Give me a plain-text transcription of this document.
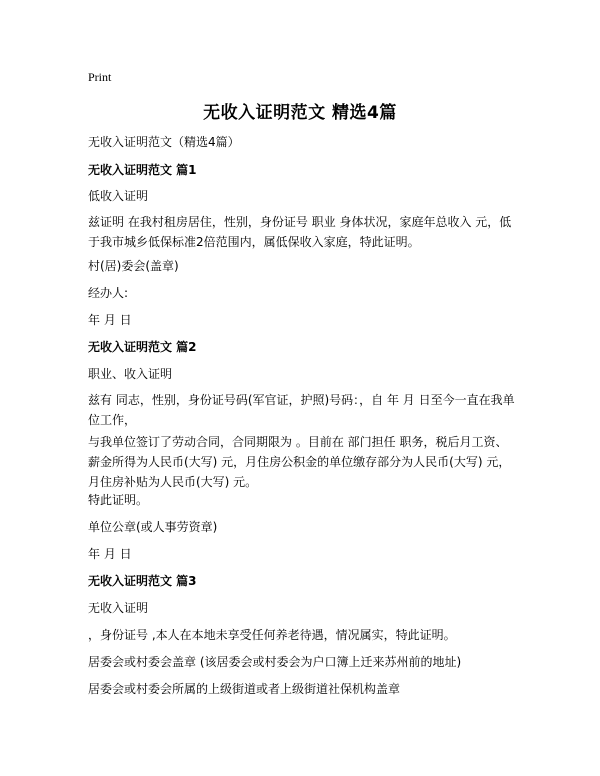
Print
无收入证明范文 精选4篇
无收入证明范文（精选4篇）
无收入证明范文 篇1
低收入证明
兹证明 在我村租房居住，性别，身份证号 职业 身体状况，家庭年总收入 元，低于我市城乡低保标准2倍范围内，属低保收入家庭，特此证明。
村(居)委会(盖章)
经办人:
年 月 日
无收入证明范文 篇2
职业、收入证明
兹有 同志，性别，身份证号码(军官证，护照)号码：，自 年 月 日至今一直在我单位工作，
与我单位签订了劳动合同，合同期限为 。目前在 部门担任 职务，税后月工资、薪金所得为人民币(大写) 元，月住房公积金的单位缴存部分为人民币(大写) 元，月住房补贴为人民币(大写) 元。
特此证明。
单位公章(或人事劳资章)
年 月 日
无收入证明范文 篇3
无收入证明
，身份证号 ,本人在本地未享受任何养老待遇，情况属实，特此证明。
居委会或村委会盖章 (该居委会或村委会为户口簿上迁来苏州前的地址)
居委会或村委会所属的上级街道或者上级街道社保机构盖章
